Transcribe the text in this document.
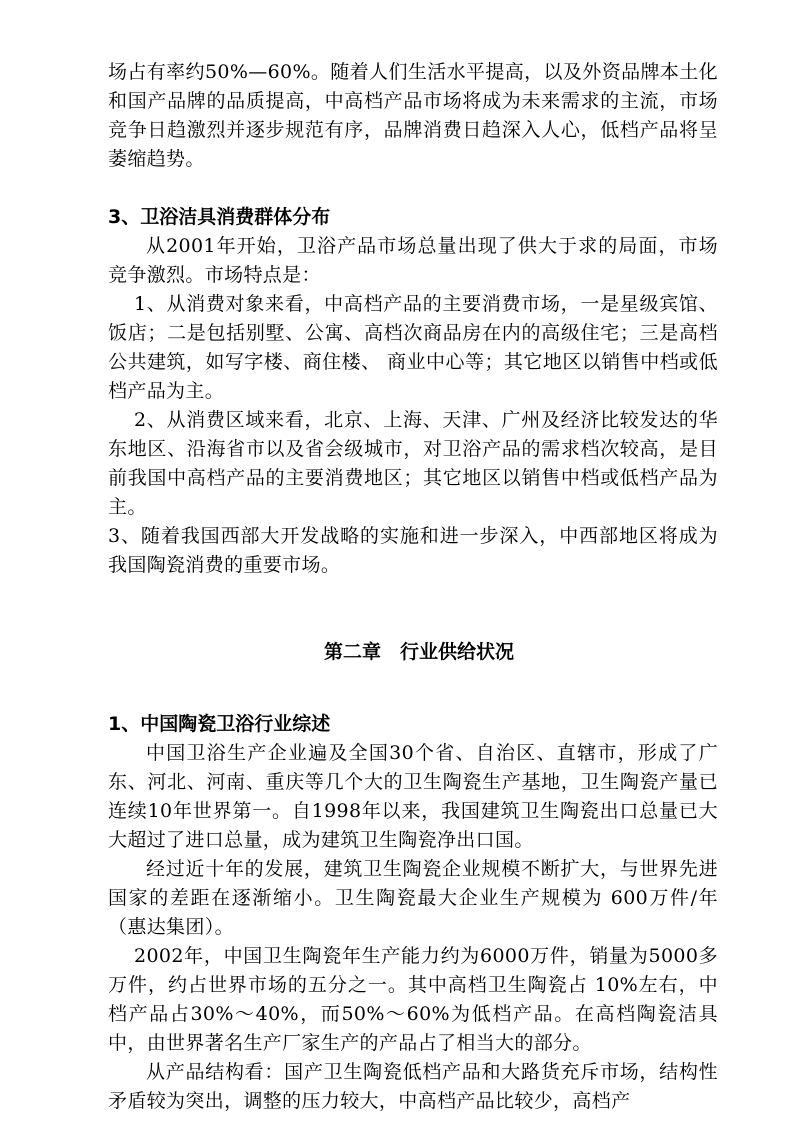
场占有率约50%—60%。随着人们生活水平提高，以及外资品牌本土化和国产品牌的品质提高，中高档产品市场将成为未来需求的主流，市场竞争日趋激烈并逐步规范有序，品牌消费日趋深入人心，低档产品将呈萎缩趋势。

3、卫浴洁具消费群体分布

从2001年开始，卫浴产品市场总量出现了供大于求的局面，市场竞争激烈。市场特点是：

1、从消费对象来看，中高档产品的主要消费市场，一是星级宾馆、饭店；二是包括别墅、公寓、高档次商品房在内的高级住宅；三是高档公共建筑，如写字楼、商住楼、 商业中心等；其它地区以销售中档或低档产品为主。

2、从消费区域来看，北京、上海、天津、广州及经济比较发达的华东地区、沿海省市以及省会级城市，对卫浴产品的需求档次较高，是目前我国中高档产品的主要消费地区；其它地区以销售中档或低档产品为主。

3、随着我国西部大开发战略的实施和进一步深入，中西部地区将成为我国陶瓷消费的重要市场。

第二章　行业供给状况

1、中国陶瓷卫浴行业综述

中国卫浴生产企业遍及全国30个省、自治区、直辖市，形成了广东、河北、河南、重庆等几个大的卫生陶瓷生产基地，卫生陶瓷产量已连续10年世界第一。自1998年以来，我国建筑卫生陶瓷出口总量已大大超过了进口总量，成为建筑卫生陶瓷净出口国。

经过近十年的发展，建筑卫生陶瓷企业规模不断扩大，与世界先进国家的差距在逐渐缩小。卫生陶瓷最大企业生产规模为 600万件/年（惠达集团）。

2002年，中国卫生陶瓷年生产能力约为6000万件，销量为5000多万件，约占世界市场的五分之一。其中高档卫生陶瓷占 10%左右，中档产品占30%～40%，而50%～60%为低档产品。在高档陶瓷洁具中，由世界著名生产厂家生产的产品占了相当大的部分。

从产品结构看：国产卫生陶瓷低档产品和大路货充斥市场，结构性矛盾较为突出，调整的压力较大，中高档产品比较少，高档产
